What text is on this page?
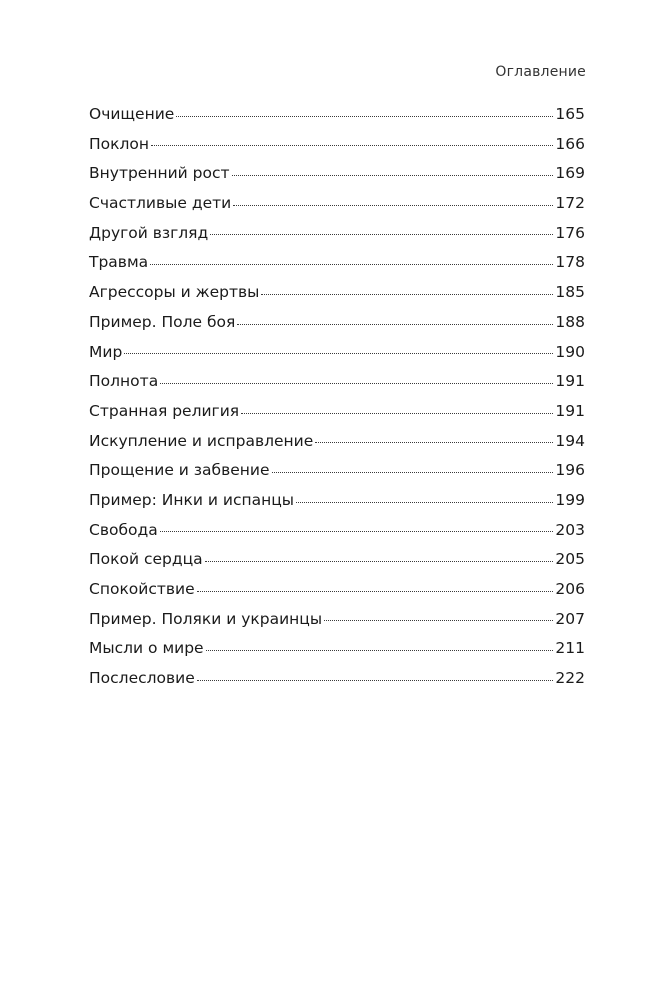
Оглавление
Очищение	165
Поклон	166
Внутренний рост	169
Счастливые дети	172
Другой взгляд	176
Травма	178
Агрессоры и жертвы	185
Пример. Поле боя	188
Мир	190
Полнота	191
Странная религия	191
Искупление и исправление	194
Прощение и забвение	196
Пример: Инки и испанцы	199
Свобода	203
Покой сердца	205
Спокойствие	206
Пример. Поляки и украинцы	207
Мысли о мире	211
Послесловие	222
